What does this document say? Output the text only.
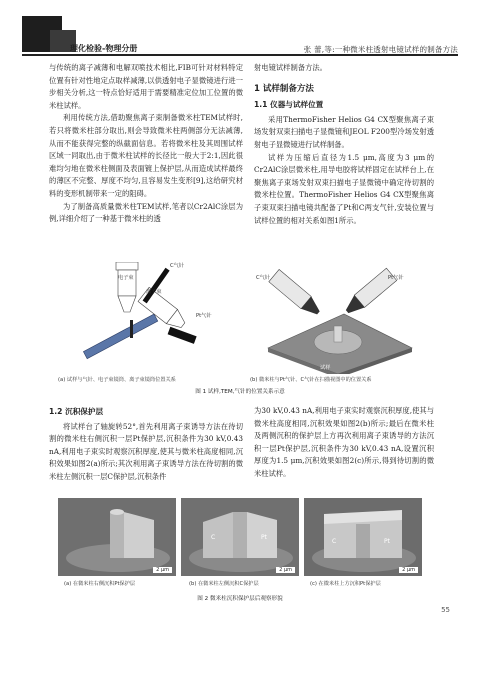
理化检验-物理分册	张 蕾,等:一种微米柱透射电镜试样的制备方法

与传统的离子减薄和电解双喷技术相比,FIB可针对材料特定位置有针对性地定点取样减薄,以供透射电子显微镜进行进一步相关分析,这一特点恰好适用于需要精准定位加工位置的微米柱试样。

利用传统方法,借助聚焦离子束制备微米柱TEM试样时,若只将微米柱部分取出,则会导致微米柱两侧部分无法减薄,从而不能获得完整的纵截面信息。若将微米柱及其周围试样区域一同取出,由于微米柱试样的长径比一般大于2:1,因此很难均匀地在微米柱侧面及表面镀上保护层,从而造成试样最终的薄区不完整、厚度不均匀,且容易发生变形[9],这给研究材料的变形机制带来一定的阻碍。

为了制备高质量微米柱TEM试样,笔者以Cr2AlC涂层为例,详细介绍了一种基于微米柱的透

射电镜试样制备方法。

1 试样制备方法
1.1 仪器与试样位置

采用ThermoFisher Helios G4 CX型聚焦离子束场发射双束扫描电子显微镜和JEOL F200型冷场发射透射电子显微镜进行试样制备。

试样为压缩后直径为1.5 μm,高度为3 μm的Cr2AlC涂层微米柱,用导电胶将试样固定在试样台上,在聚焦离子束场发射双束扫描电子显微镜中确定待切割的微米柱位置。ThermoFisher Helios G4 CX型聚焦离子束双束扫描电镜共配备了Pt和C两支气针,安装位置与试样位置的相对关系如图1所示。

电子束
C气针
离子束
Pt气针
C气针	Pt气针
试样
(a) 试样与气针、电子束镜筒、离子束镜筒位置关系	(b) 微米柱与Pt气针、C气针在扫描视图中的位置关系
图 1 试样,TEM,气针的位置关系示意
1.2 沉积保护层

将试样台了轴旋转52°,首先利用离子束诱导方法在待切割的微米柱右侧沉积一层Pt保护层,沉积条件为30 kV,0.43 nA,利用电子束实时观察沉积厚度,使其与微米柱高度相同,沉积效果如图2(a)所示;其次利用离子束诱导方法在待切割的微米柱左侧沉积一层C保护层,沉积条件

为30 kV,0.43 nA,利用电子束实时观察沉积厚度,使其与微米柱高度相同,沉积效果如图2(b)所示;最后在微米柱及两侧沉积的保护层上方再次利用离子束诱导的方法沉积一层Pt保护层,沉积条件为30 kV,0.43 nA,设置沉积厚度为1.5 μm,沉积效果如图2(c)所示,得到待切割的微米柱试样。

2 μm
C	Pt
2 μm
C	Pt
2 μm
(a) 在微米柱右侧沉积Pt保护层	(b) 在微米柱左侧沉积C保护层	(c) 在微米柱上方沉积Pt保护层
图 2 微米柱沉积保护层后观察形貌
55
